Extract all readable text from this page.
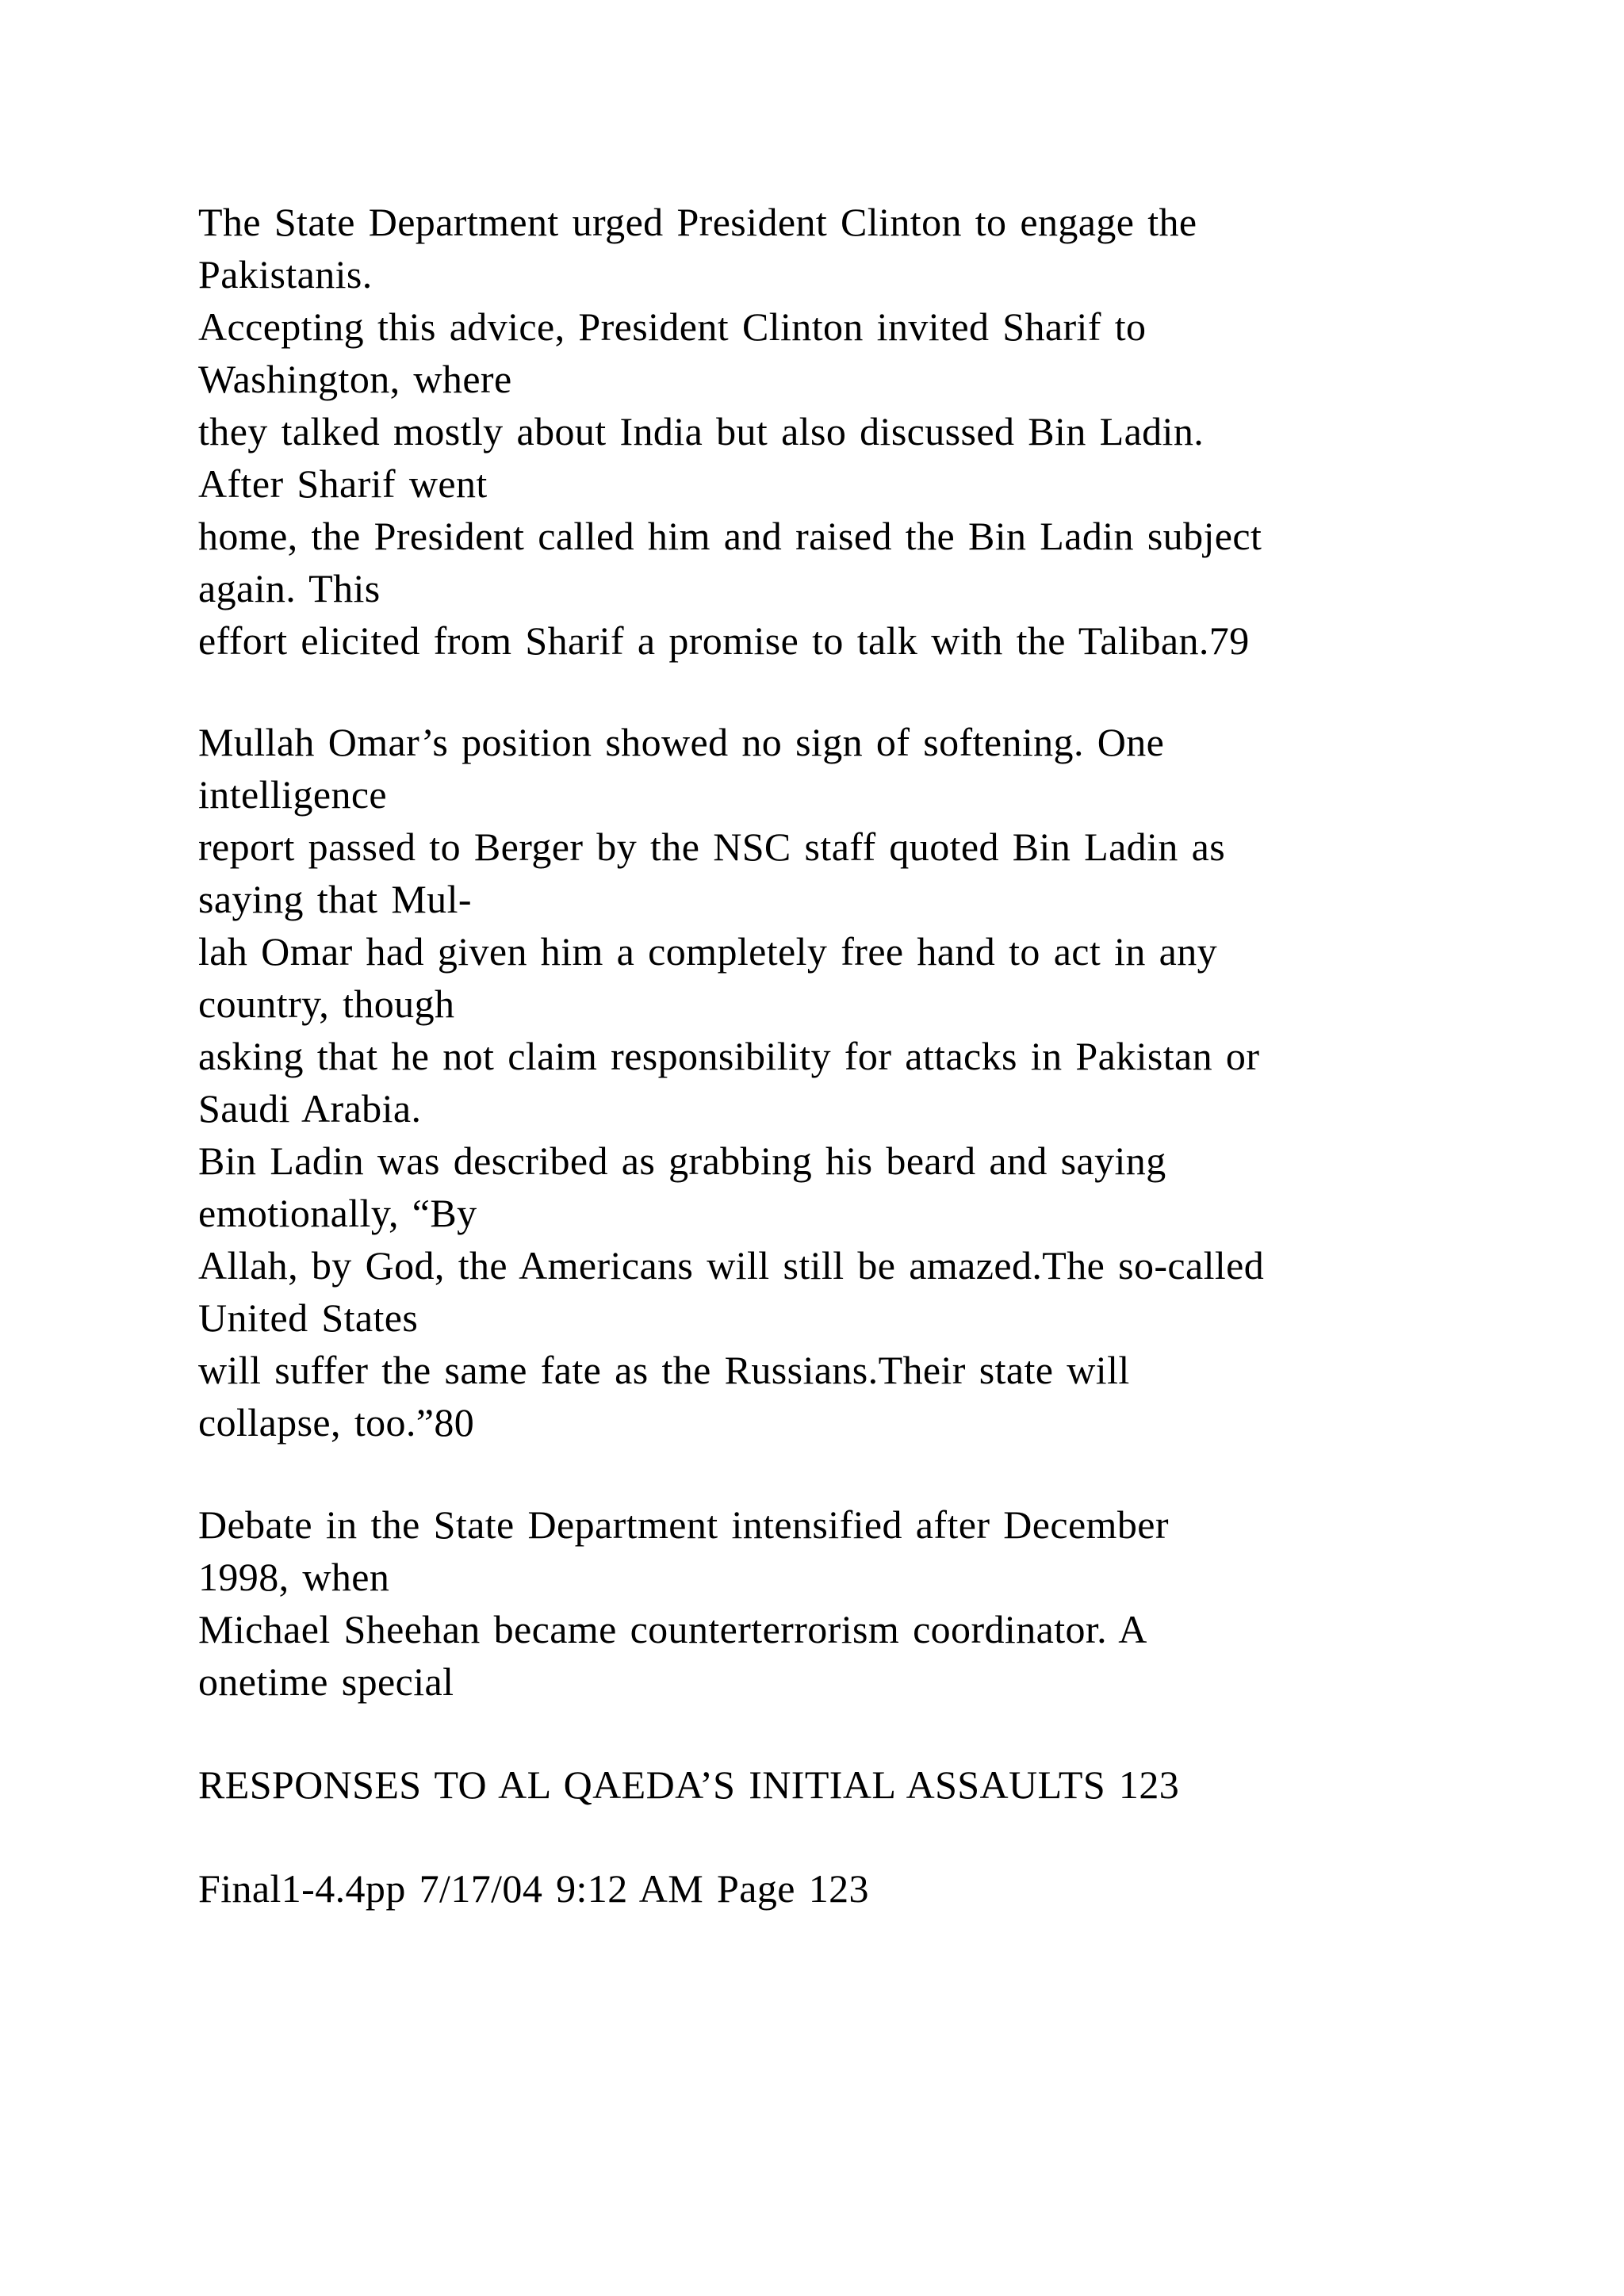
The State Department urged President Clinton to engage the
Pakistanis.
Accepting this advice, President Clinton invited Sharif to
Washington, where
they talked mostly about India but also discussed Bin Ladin.
After Sharif went
home, the President called him and raised the Bin Ladin subject
again. This
effort elicited from Sharif a promise to talk with the Taliban.79
Mullah Omar’s position showed no sign of softening. One
intelligence
report passed to Berger by the NSC staff quoted Bin Ladin as
saying that Mul-
lah Omar had given him a completely free hand to act in any
country, though
asking that he not claim responsibility for attacks in Pakistan or
Saudi Arabia.
Bin Ladin was described as grabbing his beard and saying
emotionally, “By
Allah, by God, the Americans will still be amazed.The so-called
United States
will suffer the same fate as the Russians.Their state will
collapse, too.”80
Debate in the State Department intensified after December
1998, when
Michael Sheehan became counterterrorism coordinator. A
onetime special
RESPONSES TO AL QAEDA’S INITIAL ASSAULTS 123
Final1-4.4pp 7/17/04 9:12 AM Page 123
